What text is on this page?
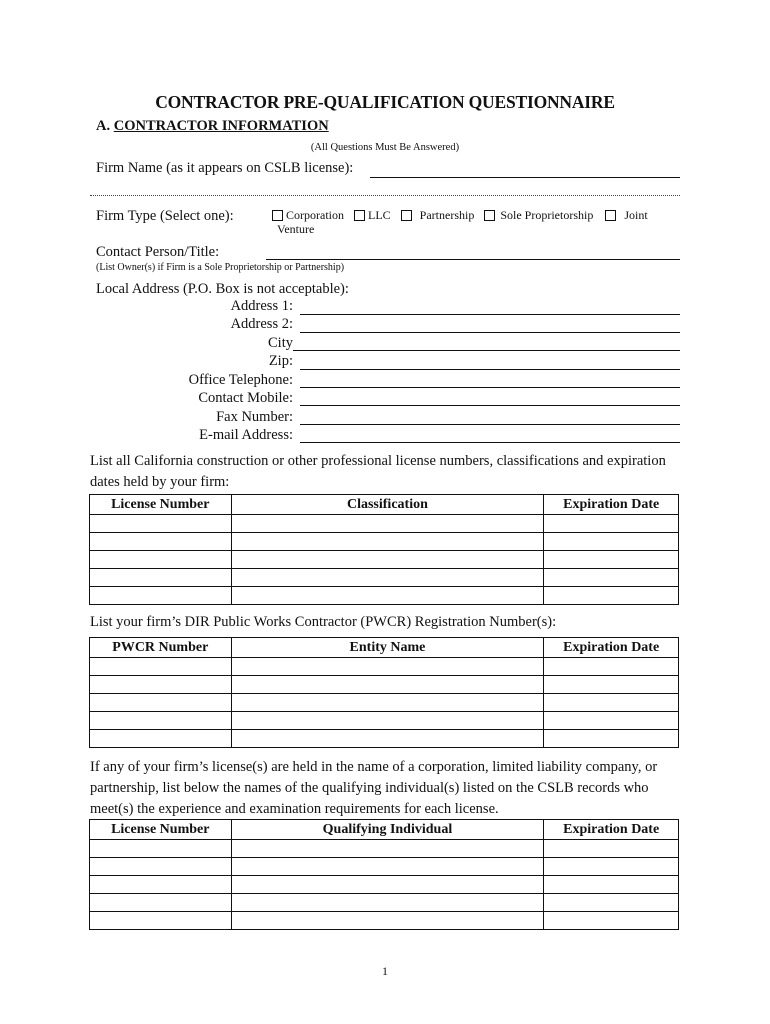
CONTRACTOR PRE-QUALIFICATION QUESTIONNAIRE
A. CONTRACTOR INFORMATION
(All Questions Must Be Answered)
Firm Name (as it appears on CSLB license):
Firm Type (Select one):	Corporation
LLC
Partnership
Sole Proprietorship
	Joint
Venture
Contact Person/Title:
(List Owner(s) if Firm is a Sole Proprietorship or Partnership)
Local Address (P.O. Box is not acceptable):
Address 1:
Address 2:
City
Zip:
Office Telephone:
Contact Mobile:
Fax Number:
E-mail Address:
List all California construction or other professional license numbers, classifications and expiration dates held by your firm:
License Number	Classification	Expiration Date

List your firm’s DIR Public Works Contractor (PWCR) Registration Number(s):
PWCR Number	Entity Name	Expiration Date

If any of your firm’s license(s) are held in the name of a corporation, limited liability company, or partnership, list below the names of the qualifying individual(s) listed on the CSLB records who meet(s) the experience and examination requirements for each license.
License Number	Qualifying Individual	Expiration Date

1
